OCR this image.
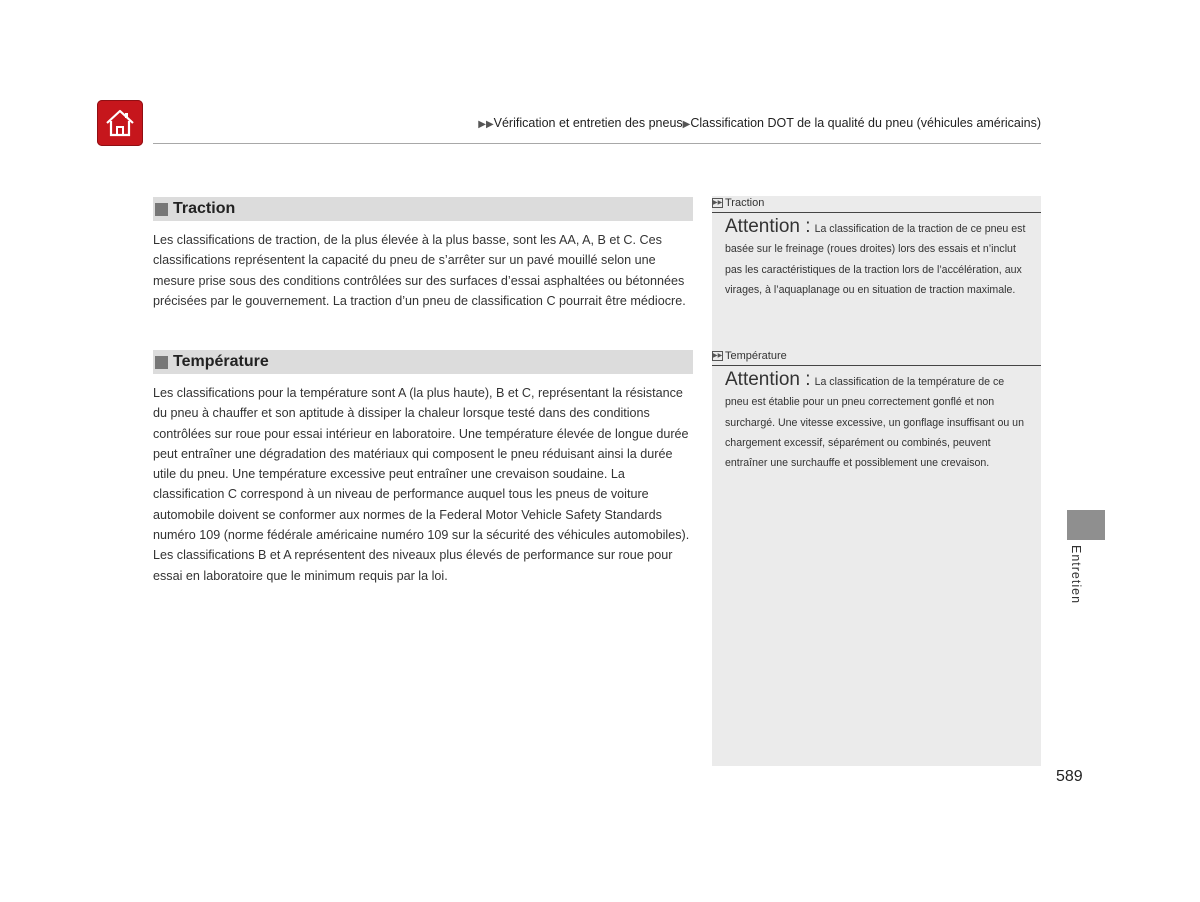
▶▶Vérification et entretien des pneus▶Classification DOT de la qualité du pneu (véhicules américains)
Traction
Les classifications de traction, de la plus élevée à la plus basse, sont les AA, A, B et C. Ces classifications représentent la capacité du pneu de s’arrêter sur un pavé mouillé selon une mesure prise sous des conditions contrôlées sur des surfaces d’essai asphaltées ou bétonnées précisées par le gouvernement. La traction d’un pneu de classification C pourrait être médiocre.
Température
Les classifications pour la température sont A (la plus haute), B et C, représentant la résistance du pneu à chauffer et son aptitude à dissiper la chaleur lorsque testé dans des conditions contrôlées sur roue pour essai intérieur en laboratoire. Une température élevée de longue durée peut entraîner une dégradation des matériaux qui composent le pneu réduisant ainsi la durée utile du pneu. Une température excessive peut entraîner une crevaison soudaine. La classification C correspond à un niveau de performance auquel tous les pneus de voiture automobile doivent se conformer aux normes de la Federal Motor Vehicle Safety Standards numéro 109 (norme fédérale américaine numéro 109 sur la sécurité des véhicules automobiles). Les classifications B et A représentent des niveaux plus élevés de performance sur roue pour essai en laboratoire que le minimum requis par la loi.
▶▶ Traction
Attention : La classification de la traction de ce pneu est basée sur le freinage (roues droites) lors des essais et n’inclut pas les caractéristiques de la traction lors de l’accélération, aux virages, à l’aquaplanage ou en situation de traction maximale.
▶▶ Température
Attention : La classification de la température de ce pneu est établie pour un pneu correctement gonflé et non surchargé. Une vitesse excessive, un gonflage insuffisant ou un chargement excessif, séparément ou combinés, peuvent entraîner une surchauffe et possiblement une crevaison.
Entretien
589
